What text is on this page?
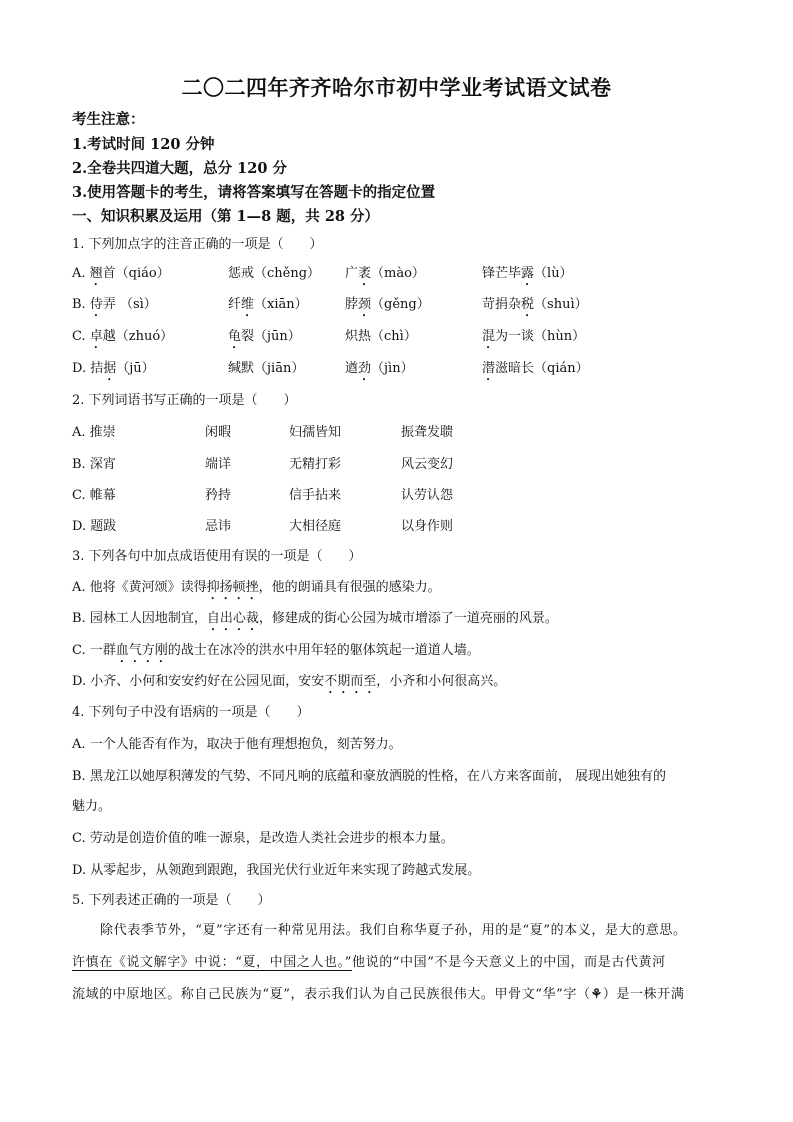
二〇二四年齐齐哈尔市初中学业考试语文试卷
考生注意：
1.考试时间 120 分钟
2.全卷共四道大题，总分 120 分
3.使用答题卡的考生，请将答案填写在答题卡的指定位置
一、知识积累及运用（第 1—8 题，共 28 分）
1. 下列加点字的注音正确的一项是（　　）
A. 翘首（qiáo）	惩戒（chěng） 广袤（mào）	锋芒毕露（lù）
B. 侍弄 （sì）	纤维（xiān）	脖颈（gěng）	苛捐杂税（shuì）
C. 卓越（zhuó）	龟裂（jūn）	炽热（chì）	混为一谈（hùn）
D. 拮据（jū）	缄默（jiān）	遒劲（jìn）	潜滋暗长（qián）
2. 下列词语书写正确的一项是（　　）
A. 推崇	闲暇	妇孺皆知	振聋发聩
B. 深宵	端详	无精打彩	风云变幻
C. 帷幕	矜持	信手拈来	认劳认怨
D. 题跋	忌讳	大相径庭	以身作则
3. 下列各句中加点成语使用有误的一项是（　　）
A. 他将《黄河颂》读得抑扬顿挫，他的朗诵具有很强的感染力。
B. 园林工人因地制宜，自出心裁，修建成的街心公园为城市增添了一道亮丽的风景。
C. 一群血气方刚的战士在冰冷的洪水中用年轻的躯体筑起一道道人墙。
D. 小齐、小何和安安约好在公园见面，安安不期而至，小齐和小何很高兴。
4. 下列句子中没有语病的一项是（　　）
A. 一个人能否有作为，取决于他有理想抱负，刻苦努力。
B. 黑龙江以她厚积薄发的气势、不同凡响的底蕴和豪放洒脱的性格，在八方来客面前， 展现出她独有的
魅力。
C. 劳动是创造价值的唯一源泉，是改造人类社会进步的根本力量。
D. 从零起步，从领跑到跟跑，我国光伏行业近年来实现了跨越式发展。
5. 下列表述正确的一项是（　　）
除代表季节外，“夏”字还有一种常见用法。我们自称华夏子孙，用的是“夏”的本义，是大的意思。
许慎在《说文解字》中说：“夏，中国之人也。”他说的“中国”不是今天意义上的中国，而是古代黄河
流域的中原地区。称自己民族为“夏”，表示我们认为自己民族很伟大。甲骨文“华”字（⚘）是一株开满
